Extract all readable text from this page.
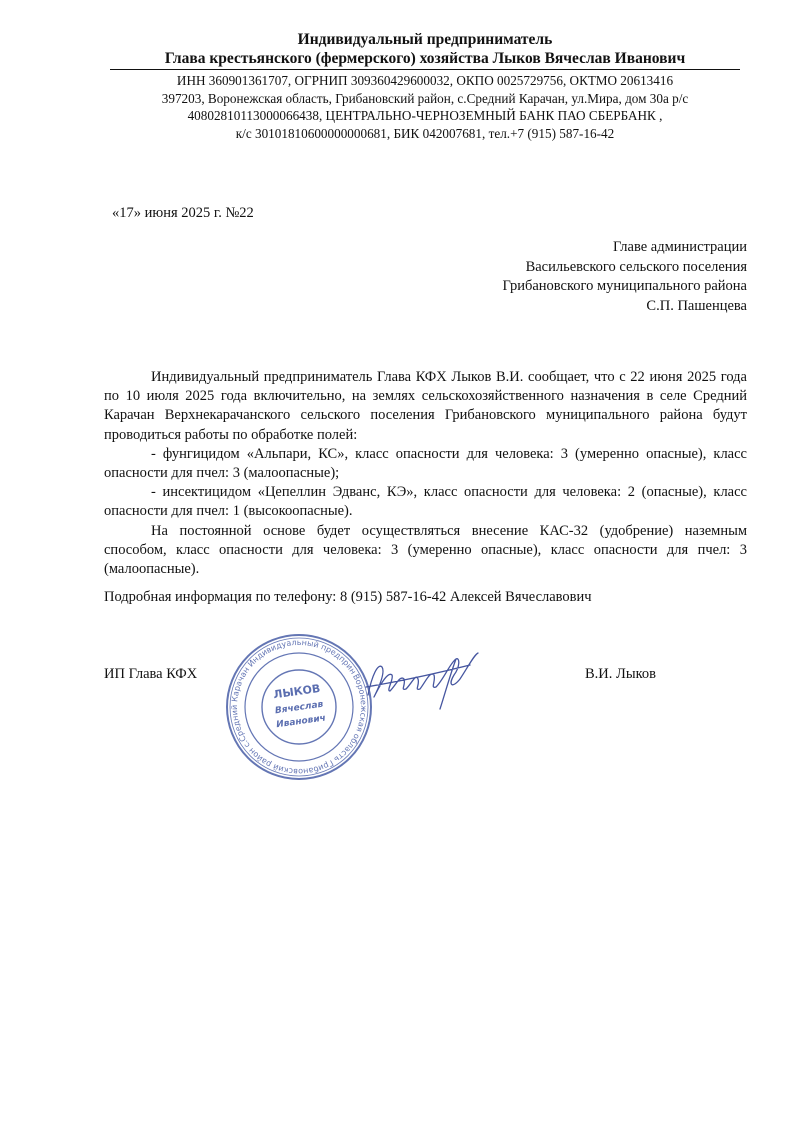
Индивидуальный предприниматель
Глава крестьянского (фермерского) хозяйства Лыков Вячеслав Иванович
ИНН 360901361707, ОГРНИП 309360429600032, ОКПО 0025729756, ОКТМО 20613416
397203, Воронежская область, Грибановский район, с.Средний Карачан, ул.Мира, дом 30а р/с
40802810113000066438, ЦЕНТРАЛЬНО-ЧЕРНОЗЕМНЫЙ БАНК ПАО СБЕРБАНК ,
к/с 30101810600000000681, БИК 042007681, тел.+7 (915) 587-16-42
«17» июня 2025 г. №22
Главе администрации
Васильевского сельского поселения
Грибановского муниципального района
С.П. Пашенцева

Индивидуальный предприниматель Глава КФХ Лыков В.И. сообщает, что с 22 июня 2025 года по 10 июля 2025 года включительно, на землях сельскохозяйственного назначения в селе Средний Карачан Верхнекарачанского сельского поселения Грибановского муниципального района будут проводиться работы по обработке полей:

- фунгицидом «Альпари, КС», класс опасности для человека: 3 (умеренно опасные), класс опасности для пчел: 3 (малоопасные);

- инсектицидом «Цепеллин Эдванс, КЭ», класс опасности для человека: 2 (опасные), класс опасности для пчел: 1 (высокоопасные).

На постоянной основе будет осуществляться внесение КАС-32 (удобрение) наземным способом, класс опасности для человека: 3 (умеренно опасные), класс опасности для пчел: 3 (малоопасные).

Подробная информация по телефону: 8 (915) 587-16-42 Алексей Вячеславович
ИП Глава КФХ	В.И. Лыков
Воронежская область Грибановский район с.Средний Карачан Индивидуальный предприниматель
ЛЫКОВ
Вячеслав
Иванович
